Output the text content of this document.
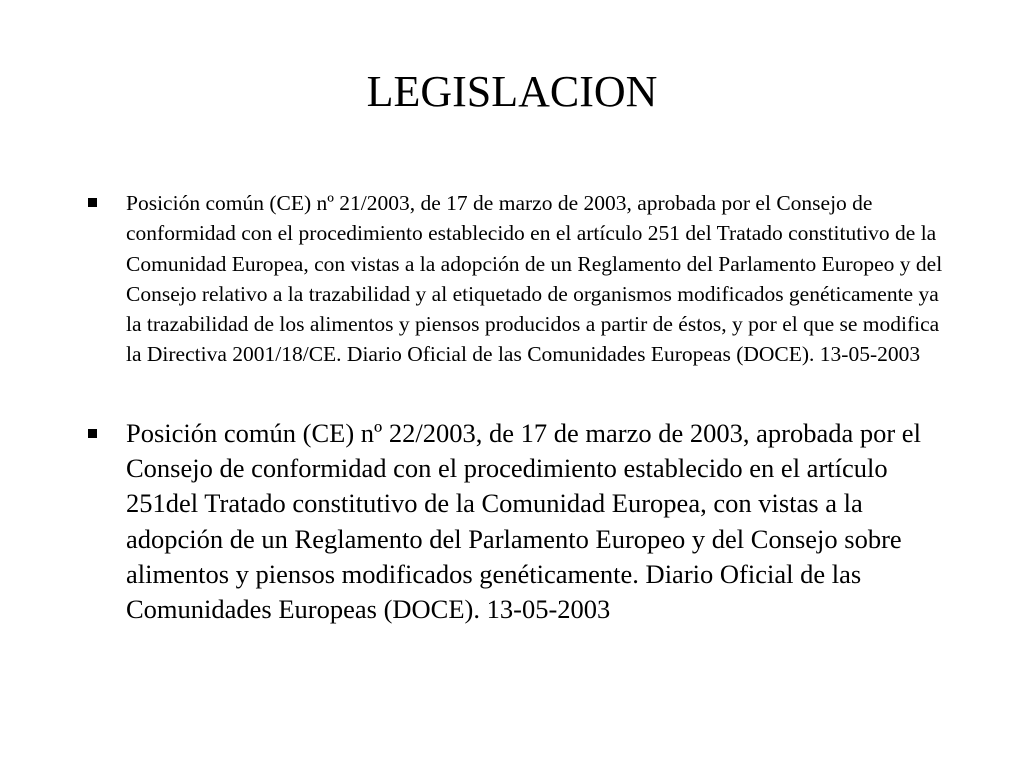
LEGISLACION
Posición común (CE) nº 21/2003, de 17 de marzo de 2003, aprobada por el Consejo de conformidad con el procedimiento establecido en el artículo 251 del Tratado constitutivo de la Comunidad Europea, con vistas a la adopción de un Reglamento del Parlamento Europeo y del Consejo relativo a la trazabilidad y al etiquetado de organismos modificados genéticamente ya la trazabilidad de los alimentos y piensos producidos a partir de éstos, y por el que se modifica la Directiva 2001/18/CE. Diario Oficial de las Comunidades Europeas (DOCE). 13-05-2003
Posición común (CE) nº 22/2003, de 17 de marzo de 2003, aprobada por el Consejo de conformidad con el procedimiento establecido en el artículo 251del Tratado constitutivo de la Comunidad Europea, con vistas a la adopción de un Reglamento del Parlamento Europeo y del Consejo sobre alimentos y piensos modificados genéticamente. Diario Oficial de las Comunidades Europeas (DOCE). 13-05-2003
